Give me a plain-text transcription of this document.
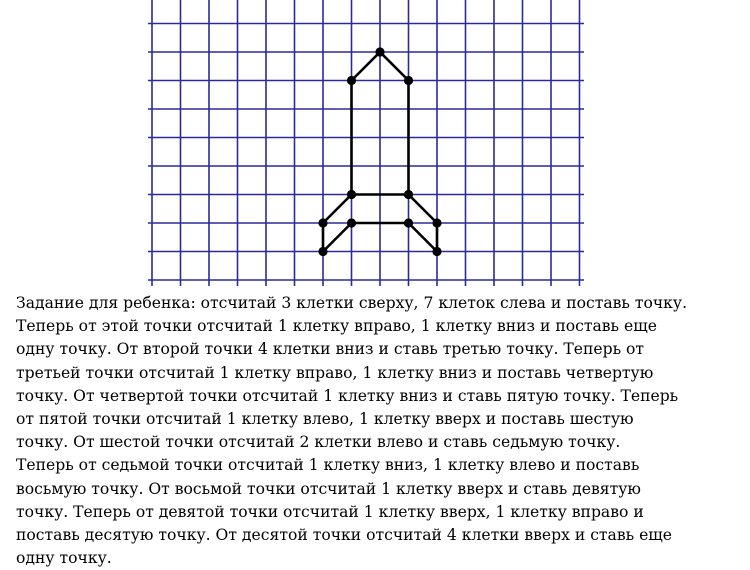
Задание для ребенка: отсчитай 3 клетки сверху, 7 клеток слева и поставь точку.
Теперь от этой точки отсчитай 1 клетку вправо, 1 клетку вниз и поставь еще
одну точку. От второй точки 4 клетки вниз и ставь третью точку. Теперь от
третьей точки отсчитай 1 клетку вправо, 1 клетку вниз и поставь четвертую
точку. От четвертой точки отсчитай 1 клетку вниз и ставь пятую точку. Теперь
от пятой точки отсчитай 1 клетку влево, 1 клетку вверх и поставь шестую
точку. От шестой точки отсчитай 2 клетки влево и ставь седьмую точку.
Теперь от седьмой точки отсчитай 1 клетку вниз, 1 клетку влево и поставь
восьмую точку. От восьмой точки отсчитай 1 клетку вверх и ставь девятую
точку. Теперь от девятой точки отсчитай 1 клетку вверх, 1 клетку вправо и
поставь десятую точку. От десятой точки отсчитай 4 клетки вверх и ставь еще
одну точку.
